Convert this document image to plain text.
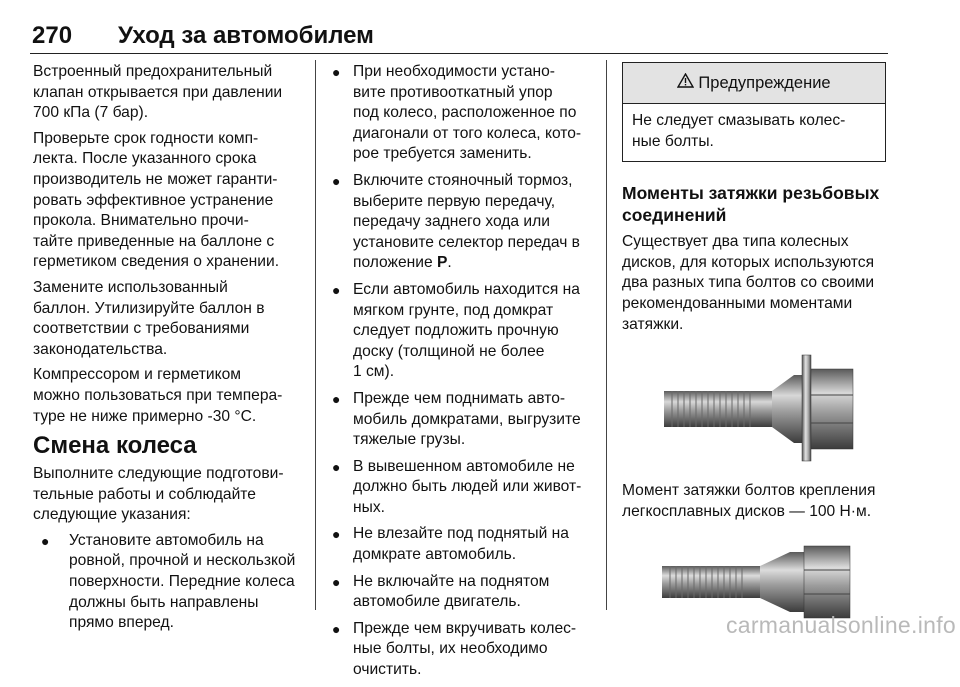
270 Уход за автомобилем

Встроенный предохранительный
клапан открывается при давлении
700 кПа (7 бар).

Проверьте срок годности комп-
лекта. После указанного срока
производитель не может гаранти-
ровать эффективное устранение
прокола. Внимательно прочи-
тайте приведенные на баллоне с
герметиком сведения о хранении.

Замените использованный
баллон. Утилизируйте баллон в
соответствии с требованиями
законодательства.

Компрессором и герметиком
можно пользоваться при темпера-
туре не ниже примерно -30 °C.

Смена колеса

Выполните следующие подготови-
тельные работы и соблюдайте
следующие указания:

● Установите автомобиль на
ровной, прочной и нескользкой
поверхности. Передние колеса
должны быть направлены
прямо вперед.
● При необходимости устано-
вите противооткатный упор
под колесо, расположенное по
диагонали от того колеса, кото-
рое требуется заменить.
● Включите стояночный тормоз,
выберите первую передачу,
передачу заднего хода или
установите селектор передач в
положение P.
● Если автомобиль находится на
мягком грунте, под домкрат
следует подложить прочную
доску (толщиной не более
1 см).
● Прежде чем поднимать авто-
мобиль домкратами, выгрузите
тяжелые грузы.
● В вывешенном автомобиле не
должно быть людей или живот-
ных.
● Не влезайте под поднятый на
домкрате автомобиль.
● Не включайте на поднятом
автомобиле двигатель.
● Прежде чем вкручивать колес-
ные болты, их необходимо
очистить.
Предупреждение
Не следует смазывать колес-
ные болты.
Моменты затяжки резьбовых
соединений

Существует два типа колесных
дисков, для которых используются
два разных типа болтов со своими
рекомендованными моментами
затяжки.

Момент затяжки болтов крепления
легкосплавных дисков — 100 Н·м.

carmanualsonline.info
